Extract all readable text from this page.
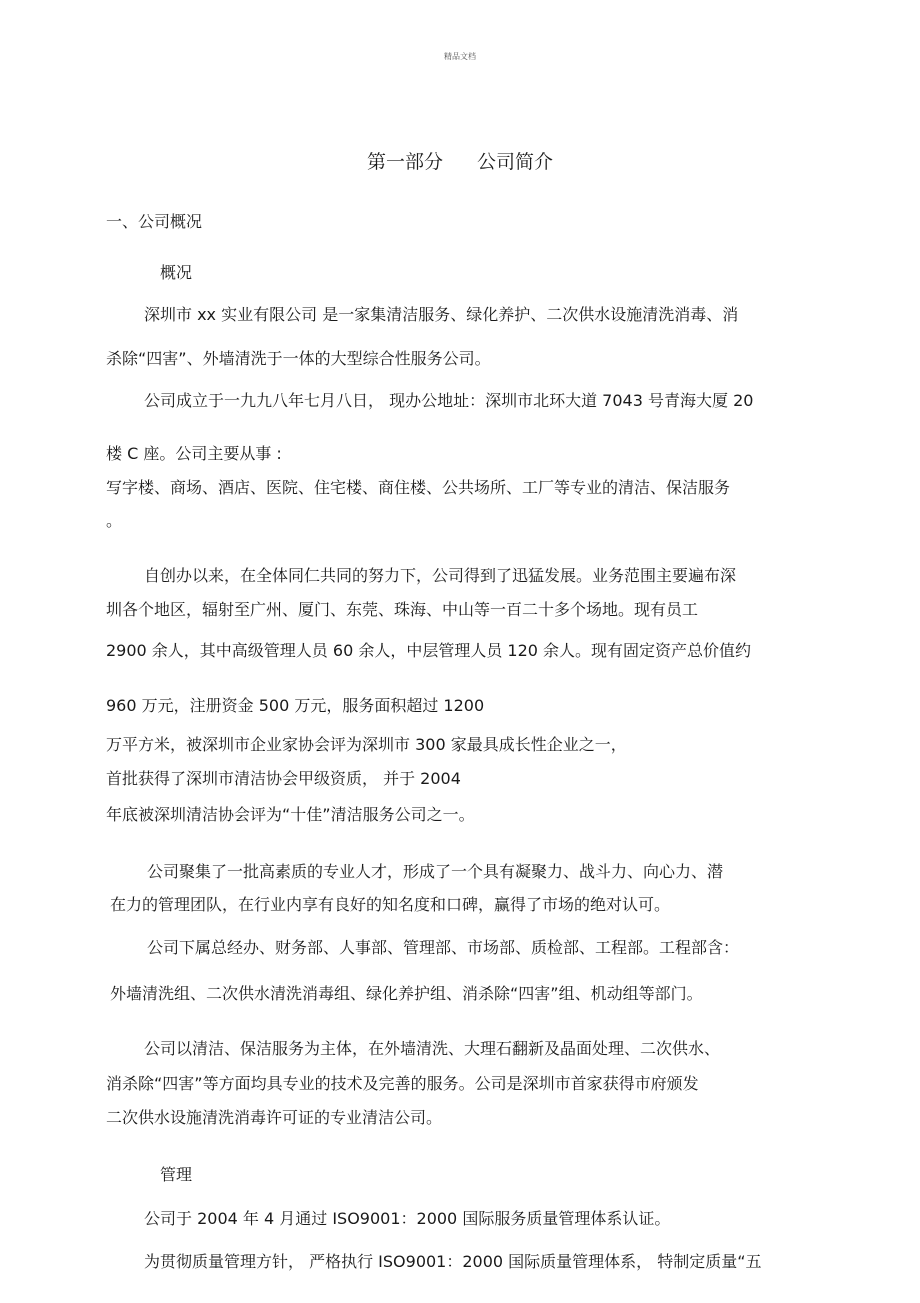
精品文档
第一部分 公司简介
一、公司概况
概况
深圳市 xx 实业有限公司 是一家集清洁服务、绿化养护、二次供水设施清洗消毒、消
杀除“四害”、外墙清洗于一体的大型综合性服务公司。
公司成立于一九九八年七月八日， 现办公地址：深圳市北环大道 7043 号青海大厦 20
楼 C 座。公司主要从事 :
写字楼、商场、酒店、医院、住宅楼、商住楼、公共场所、工厂等专业的清洁、保洁服务
。
自创办以来，在全体同仁共同的努力下，公司得到了迅猛发展。业务范围主要遍布深
圳各个地区，辐射至广州、厦门、东莞、珠海、中山等一百二十多个场地。现有员工
2900 余人，其中高级管理人员 60 余人，中层管理人员 120 余人。现有固定资产总价值约
960 万元，注册资金 500 万元，服务面积超过 1200
万平方米，被深圳市企业家协会评为深圳市 300 家最具成长性企业之一，
首批获得了深圳市清洁协会甲级资质， 并于 2004
年底被深圳清洁协会评为“十佳”清洁服务公司之一。
公司聚集了一批高素质的专业人才，形成了一个具有凝聚力、战斗力、向心力、潜
在力的管理团队，在行业内享有良好的知名度和口碑，赢得了市场的绝对认可。
公司下属总经办、财务部、人事部、管理部、市场部、质检部、工程部。工程部含：
外墙清洗组、二次供水清洗消毒组、绿化养护组、消杀除“四害”组、机动组等部门。
公司以清洁、保洁服务为主体，在外墙清洗、大理石翻新及晶面处理、二次供水、
消杀除“四害”等方面均具专业的技术及完善的服务。公司是深圳市首家获得市府颁发
二次供水设施清洗消毒许可证的专业清洁公司。
管理
公司于 2004 年 4 月通过 ISO9001：2000 国际服务质量管理体系认证。
为贯彻质量管理方针， 严格执行 ISO9001：2000 国际质量管理体系， 特制定质量“五
